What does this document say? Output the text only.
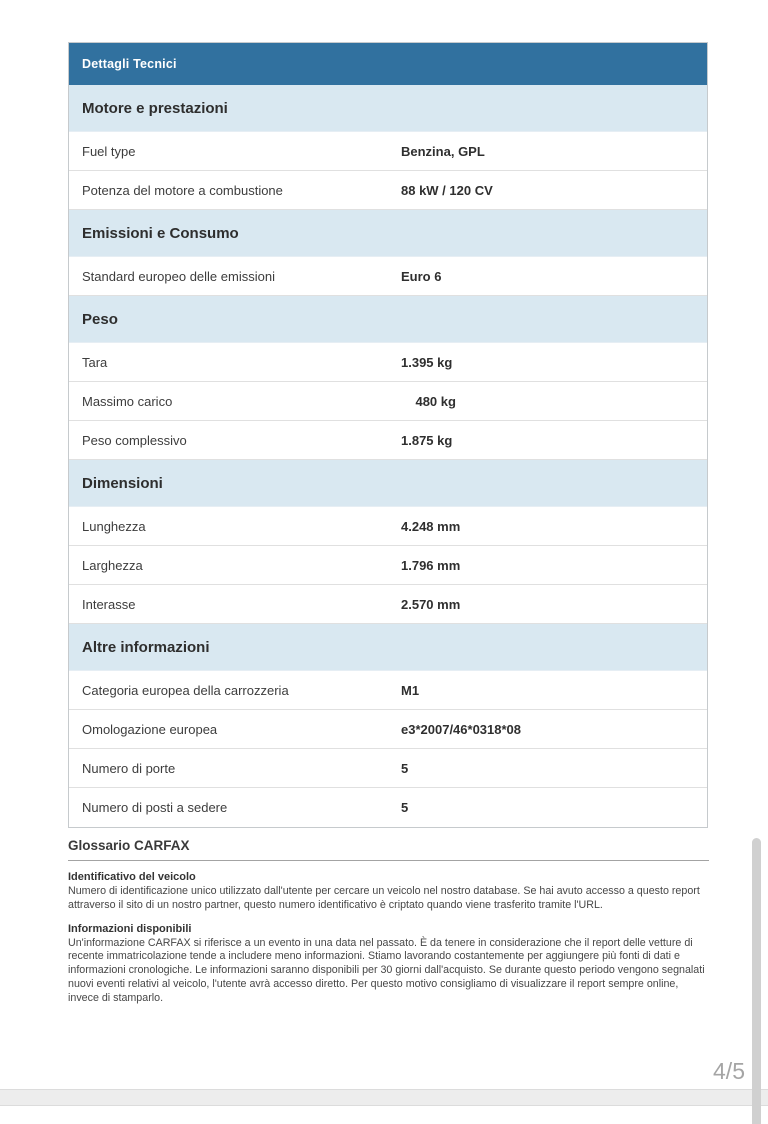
Dettagli Tecnici
Motore e prestazioni
Fuel type	Benzina, GPL
Potenza del motore a combustione	88 kW / 120 CV
Emissioni e Consumo
Standard europeo delle emissioni	Euro 6
Peso
Tara	1.395 kg
Massimo carico	  480 kg
Peso complessivo	1.875 kg
Dimensioni
Lunghezza	4.248 mm
Larghezza	1.796 mm
Interasse	2.570 mm
Altre informazioni
Categoria europea della carrozzeria	M1
Omologazione europea	e3*2007/46*0318*08
Numero di porte	5
Numero di posti a sedere	5
Glossario CARFAX
Identificativo del veicolo
Numero di identificazione unico utilizzato dall'utente per cercare un veicolo nel nostro database. Se hai avuto accesso a questo report attraverso il sito di un nostro partner, questo numero identificativo è criptato quando viene trasferito tramite l'URL.
Informazioni disponibili
Un'informazione CARFAX si riferisce a un evento in una data nel passato. È da tenere in considerazione che il report delle vetture di recente immatricolazione tende a includere meno informazioni. Stiamo lavorando costantemente per aggiungere più fonti di dati e informazioni cronologiche. Le informazioni saranno disponibili per 30 giorni dall'acquisto. Se durante questo periodo vengono segnalati nuovi eventi relativi al veicolo, l'utente avrà accesso diretto. Per questo motivo consigliamo di visualizzare il report sempre online, invece di stamparlo.
4/5
